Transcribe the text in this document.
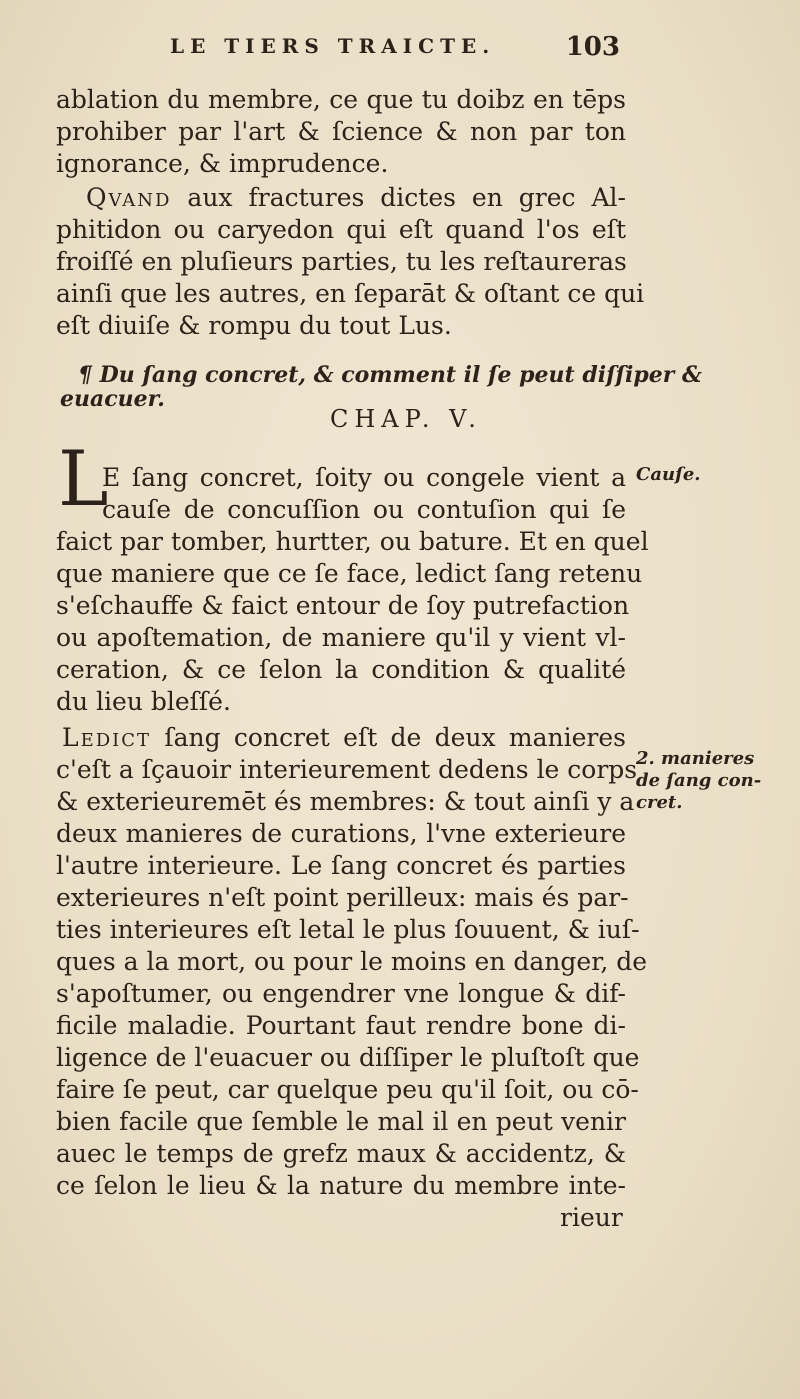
LE TIERS TRAICTE.	103
ablation du membre, ce que tu doibz en tēps
prohiber par l'art & ſcience & non par ton
ignorance, & imprudence.
Qvand aux fractures dictes en grec Al-
phitidon ou caryedon qui eſt quand l'os eſt
froiſſé en pluſieurs parties, tu les reſtaureras
ainſi que les autres, en ſeparāt & oſtant ce qui
eſt diuiſe & rompu du tout Lus.
¶ Du ſang concret, & comment il ſe peut diſſiper &
euacuer.
CHAP. V.
L
E ſang concret, ſoity ou congele vient a
cauſe de concuſſion ou contuſion qui ſe
faict par tomber, hurtter, ou bature. Et en quel
que maniere que ce ſe face, ledict ſang retenu
s'eſchauffe & faict entour de ſoy putrefaction
ou apoſtemation, de maniere qu'il y vient vl-
ceration, & ce ſelon la condition & qualité
du lieu bleſſé.
Ledict ſang concret eſt de deux manieres
c'eſt a ſçauoir interieurement dedens le corps
& exterieuremēt és membres: & tout ainſi y a
deux manieres de curations, l'vne exterieure
l'autre interieure. Le ſang concret és parties
exterieures n'eſt point perilleux: mais és par-
ties interieures eſt letal le plus ſouuent, & iuſ-
ques a la mort, ou pour le moins en danger, de
s'apoſtumer, ou engendrer vne longue & dif-
ficile maladie. Pourtant faut rendre bone di-
ligence de l'euacuer ou diſſiper le pluſtoſt que
faire ſe peut, car quelque peu qu'il ſoit, ou cō-
bien facile que ſemble le mal il en peut venir
auec le temps de grefz maux & accidentz, &
ce ſelon le lieu & la nature du membre inte-
rieur
Cauſe.
2. manieres
de ſang con-
cret.
